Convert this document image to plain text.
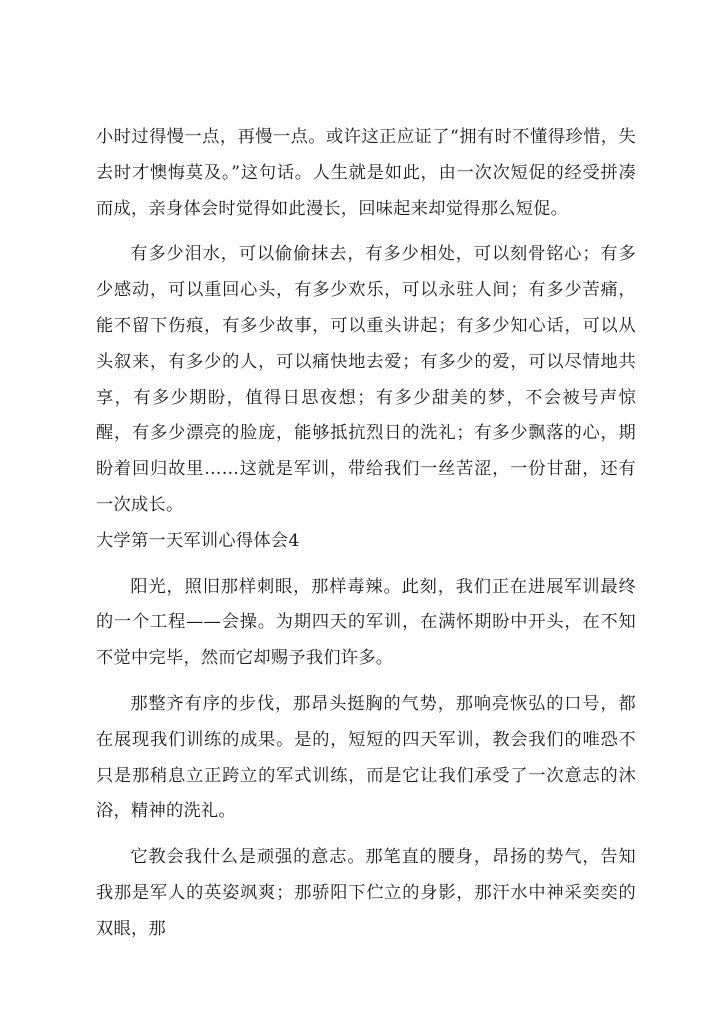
小时过得慢一点，再慢一点。或许这正应证了“拥有时不懂得珍惜，失去时才懊悔莫及。”这句话。人生就是如此，由一次次短促的经受拼凑而成，亲身体会时觉得如此漫长，回味起来却觉得那么短促。

有多少泪水，可以偷偷抹去，有多少相处，可以刻骨铭心；有多少感动，可以重回心头，有多少欢乐，可以永驻人间；有多少苦痛，能不留下伤痕，有多少故事，可以重头讲起；有多少知心话，可以从头叙来，有多少的人，可以痛快地去爱；有多少的爱，可以尽情地共享，有多少期盼，值得日思夜想；有多少甜美的梦，不会被号声惊醒，有多少漂亮的脸庞，能够抵抗烈日的洗礼；有多少飘落的心，期盼着回归故里……这就是军训，带给我们一丝苦涩，一份甘甜，还有一次成长。

大学第一天军训心得体会4

阳光，照旧那样刺眼，那样毒辣。此刻，我们正在进展军训最终的一个工程——会操。为期四天的军训，在满怀期盼中开头，在不知不觉中完毕，然而它却赐予我们许多。

那整齐有序的步伐，那昂头挺胸的气势，那响亮恢弘的口号，都在展现我们训练的成果。是的，短短的四天军训，教会我们的唯恐不只是那稍息立正跨立的军式训练，而是它让我们承受了一次意志的沐浴，精神的洗礼。

它教会我什么是顽强的意志。那笔直的腰身，昂扬的势气，告知我那是军人的英姿飒爽；那骄阳下伫立的身影，那汗水中神采奕奕的双眼，那
